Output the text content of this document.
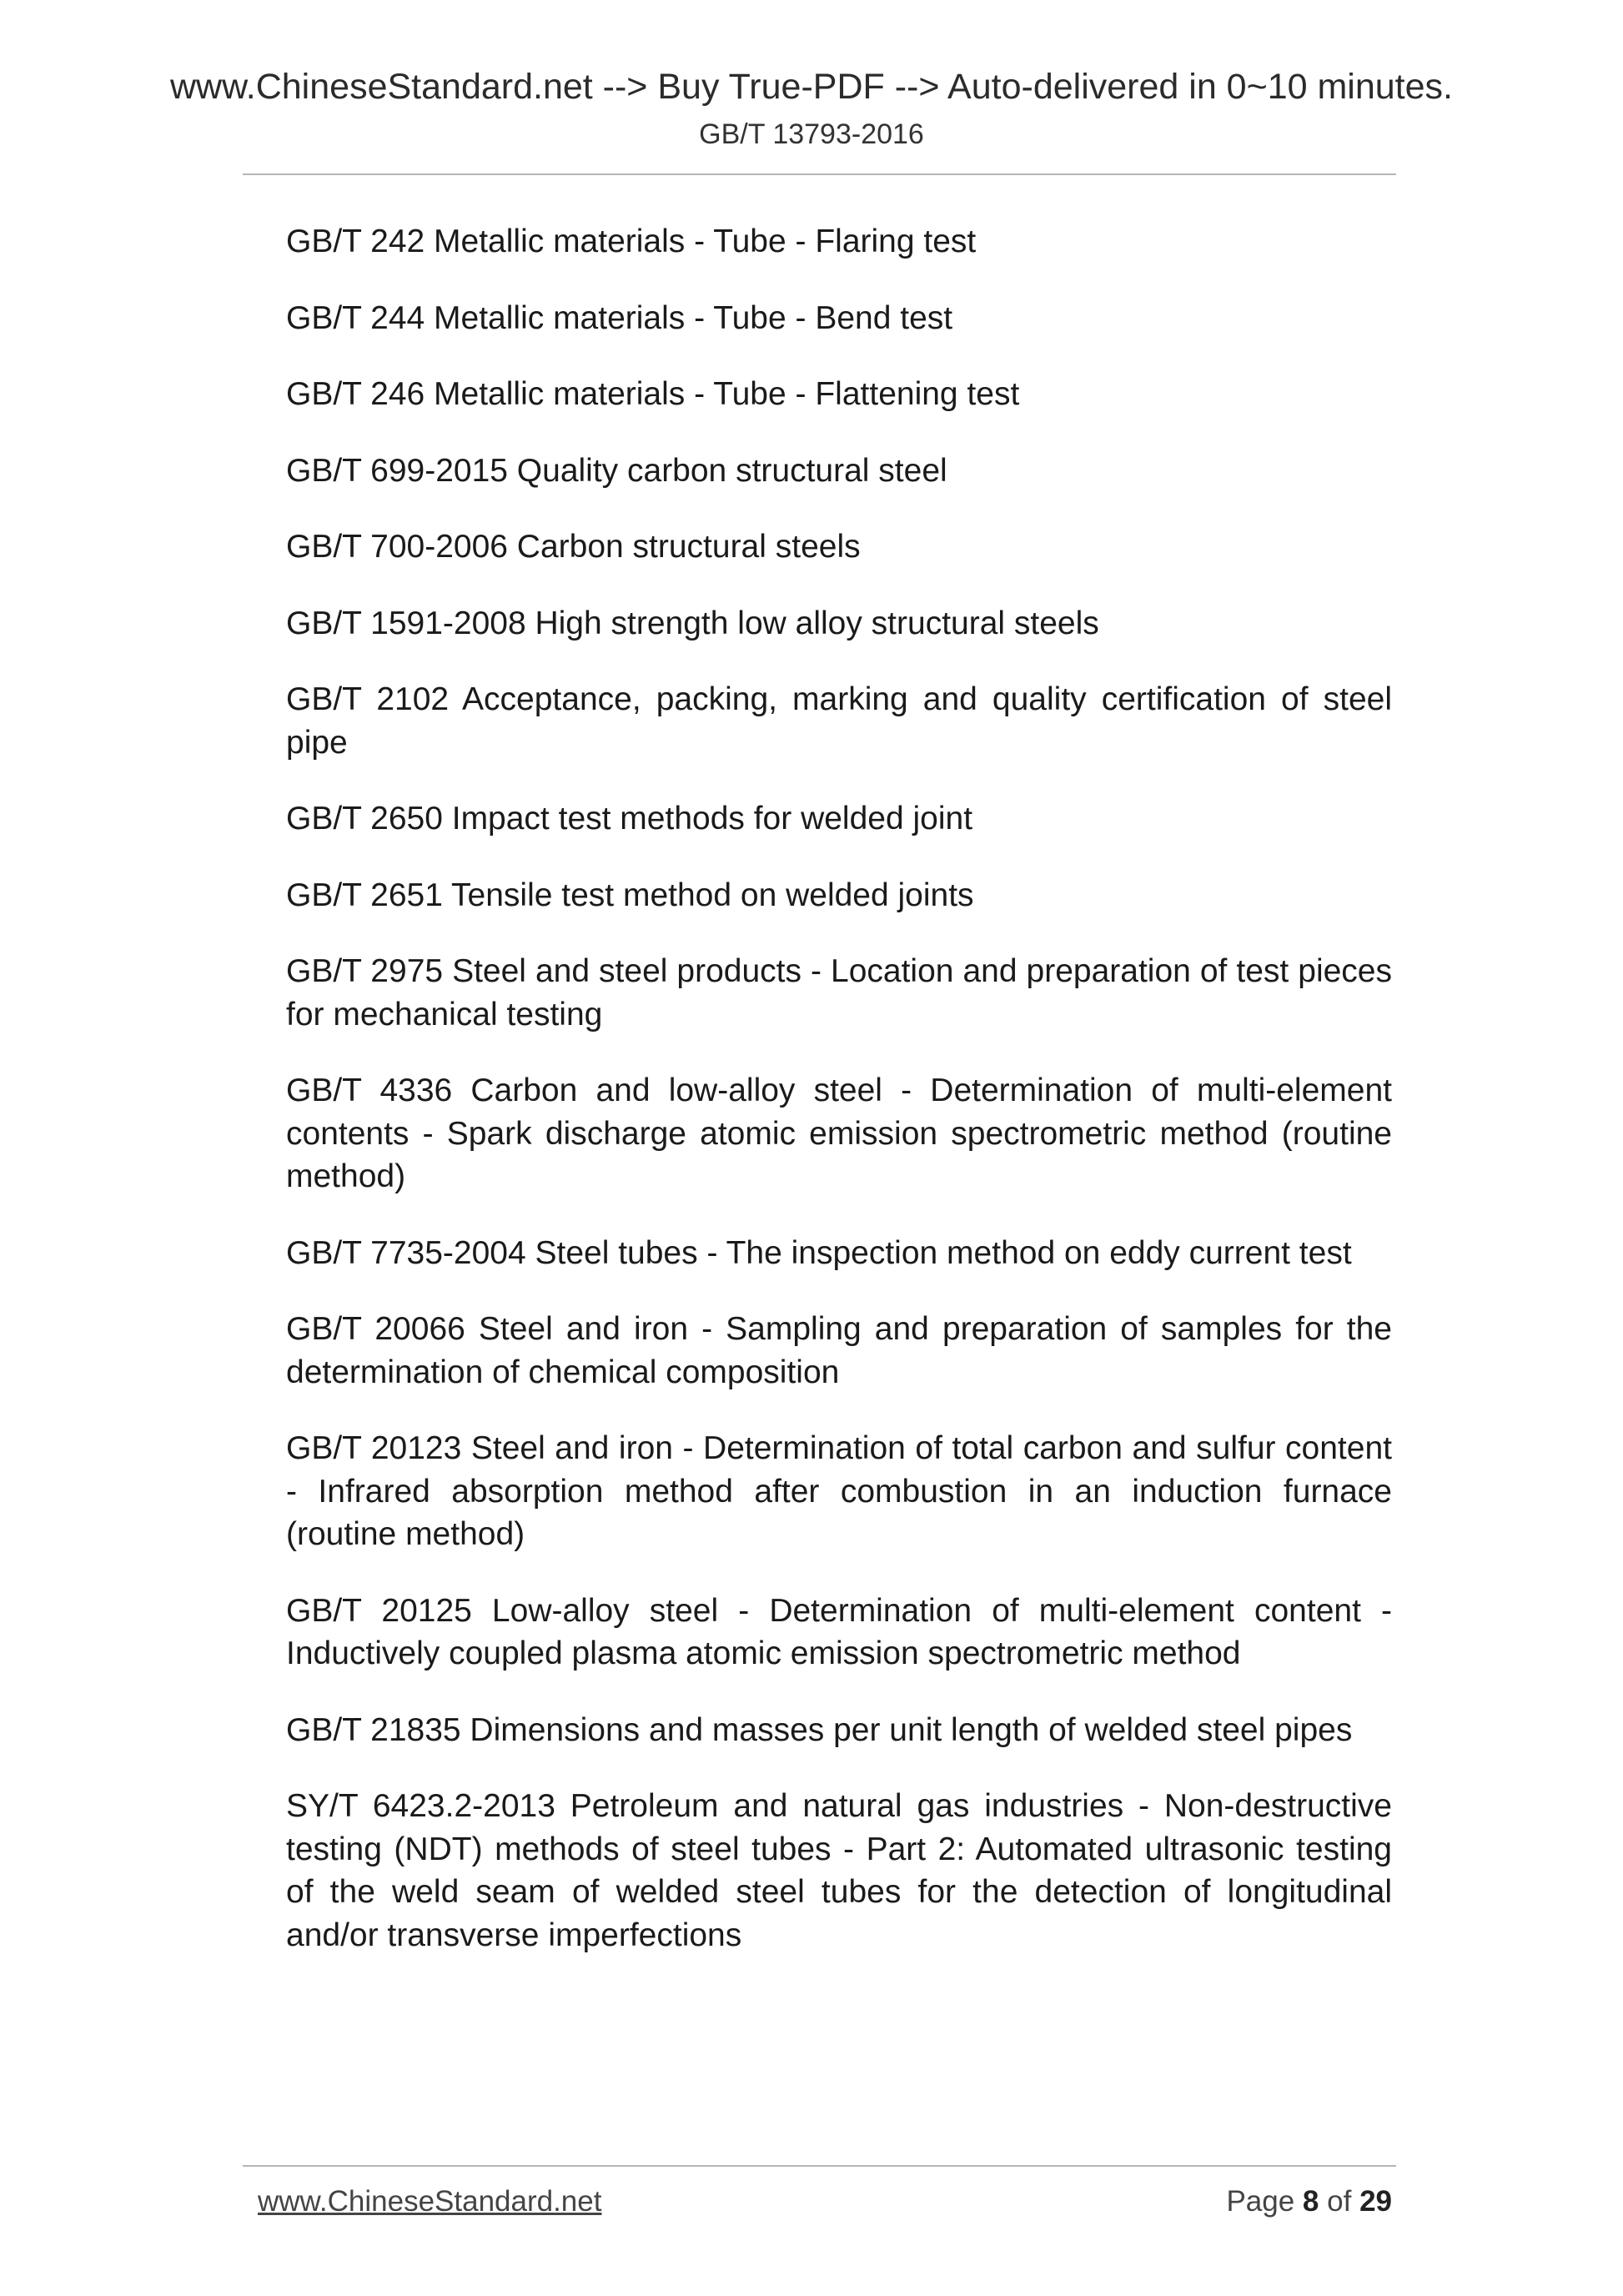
www.ChineseStandard.net --> Buy True-PDF --> Auto-delivered in 0~10 minutes.
GB/T 13793-2016
GB/T 242 Metallic materials - Tube - Flaring test
GB/T 244 Metallic materials - Tube - Bend test
GB/T 246 Metallic materials - Tube - Flattening test
GB/T 699-2015 Quality carbon structural steel
GB/T 700-2006 Carbon structural steels
GB/T 1591-2008 High strength low alloy structural steels
GB/T 2102 Acceptance, packing, marking and quality certification of steel pipe
GB/T 2650 Impact test methods for welded joint
GB/T 2651 Tensile test method on welded joints
GB/T 2975 Steel and steel products - Location and preparation of test pieces for mechanical testing
GB/T 4336 Carbon and low-alloy steel - Determination of multi-element contents - Spark discharge atomic emission spectrometric method (routine method)
GB/T 7735-2004 Steel tubes - The inspection method on eddy current test
GB/T 20066 Steel and iron - Sampling and preparation of samples for the determination of chemical composition
GB/T 20123 Steel and iron - Determination of total carbon and sulfur content - Infrared absorption method after combustion in an induction furnace (routine method)
GB/T 20125 Low-alloy steel - Determination of multi-element content - Inductively coupled plasma atomic emission spectrometric method
GB/T 21835 Dimensions and masses per unit length of welded steel pipes
SY/T 6423.2-2013 Petroleum and natural gas industries - Non-destructive testing (NDT) methods of steel tubes - Part 2: Automated ultrasonic testing of the weld seam of welded steel tubes for the detection of longitudinal and/or transverse imperfections
www.ChineseStandard.net	Page 8 of 29
